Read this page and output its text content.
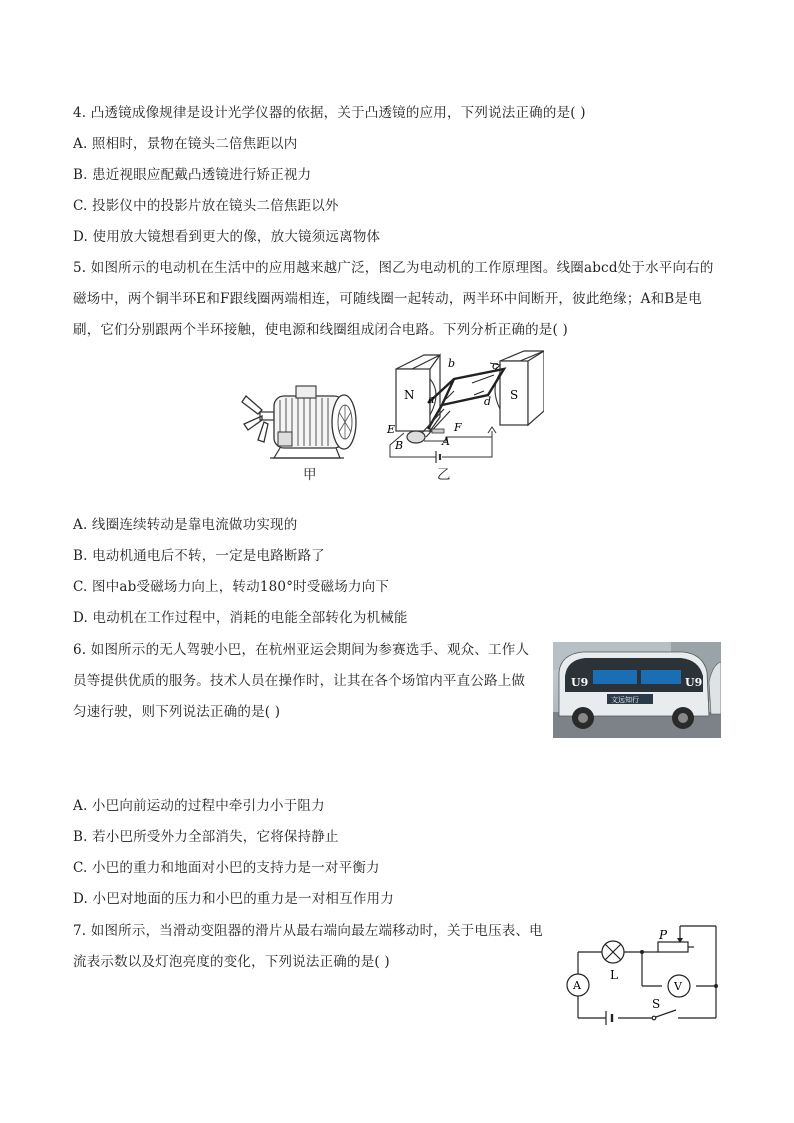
4. 凸透镜成像规律是设计光学仪器的依据，关于凸透镜的应用，下列说法正确的是( )
A. 照相时，景物在镜头二倍焦距以内
B. 患近视眼应配戴凸透镜进行矫正视力
C. 投影仪中的投影片放在镜头二倍焦距以外
D. 使用放大镜想看到更大的像，放大镜须远离物体
5. 如图所示的电动机在生活中的应用越来越广泛，图乙为电动机的工作原理图。线圈abcd处于水平向右的
磁场中，两个铜半环E和F跟线圈两端相连，可随线圈一起转动，两半环中间断开，彼此绝缘；A和B是电
刷，它们分别跟两个半环接触，使电源和线圈组成闭合电路。下列分析正确的是( )
甲
N	S
b	c
a	d
E	F
A
B
乙
A. 线圈连续转动是靠电流做功实现的
B. 电动机通电后不转，一定是电路断路了
C. 图中ab受磁场力向上，转动180°时受磁场力向下
D. 电动机在工作过程中，消耗的电能全部转化为机械能
6. 如图所示的无人驾驶小巴，在杭州亚运会期间为参赛选手、观众、工作人
员等提供优质的服务。技术人员在操作时，让其在各个场馆内平直公路上做
匀速行驶，则下列说法正确的是( )
文远知行
U9	U9
A. 小巴向前运动的过程中牵引力小于阻力
B. 若小巴所受外力全部消失，它将保持静止
C. 小巴的重力和地面对小巴的支持力是一对平衡力
D. 小巴对地面的压力和小巴的重力是一对相互作用力
7. 如图所示，当滑动变阻器的滑片从最右端向最左端移动时，关于电压表、电
流表示数以及灯泡亮度的变化，下列说法正确的是( )
P
L
A	V
S
